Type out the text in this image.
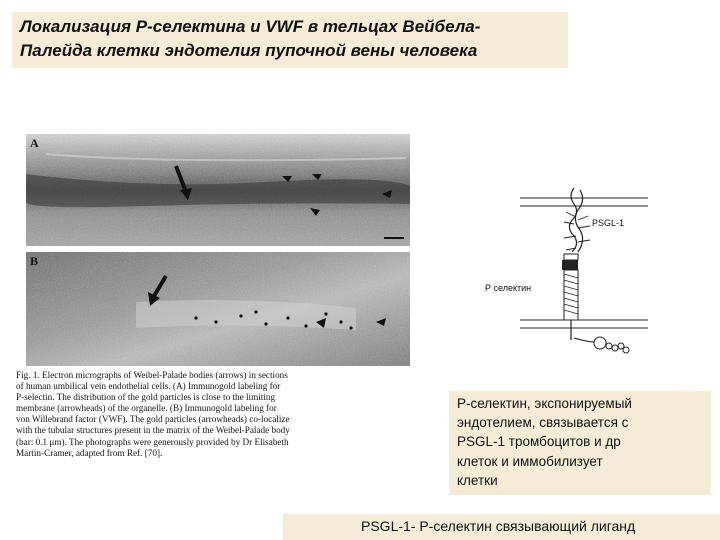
Локализация Р-селектина и VWF в тельцах Вейбела-
Палейда клетки эндотелия пупочной вены человека
A
B
Fig. 1. Electron micrographs of Weibel-Palade bodies (arrows) in sections
of human umbilical vein endothelial cells. (A) Immunogold labeling for
P-selectin. The distribution of the gold particles is close to the limiting
membrane (arrowheads) of the organelle. (B) Immunogold labeling for
von Willebrand factor (VWF). The gold particles (arrowheads) co-localize
with the tubular structures present in the matrix of the Weibel-Palade body
(bar: 0.1 μm). The photographs were generously provided by Dr Elisabeth
Martin-Cramer, adapted from Ref. [70].
PSGL-1
Р селектин
Р-селектин, экспонируемый
эндотелием, связывается с
PSGL-1 тромбоцитов и др
клеток и иммобилизует
клетки
PSGL-1- Р-селектин связывающий лиганд
